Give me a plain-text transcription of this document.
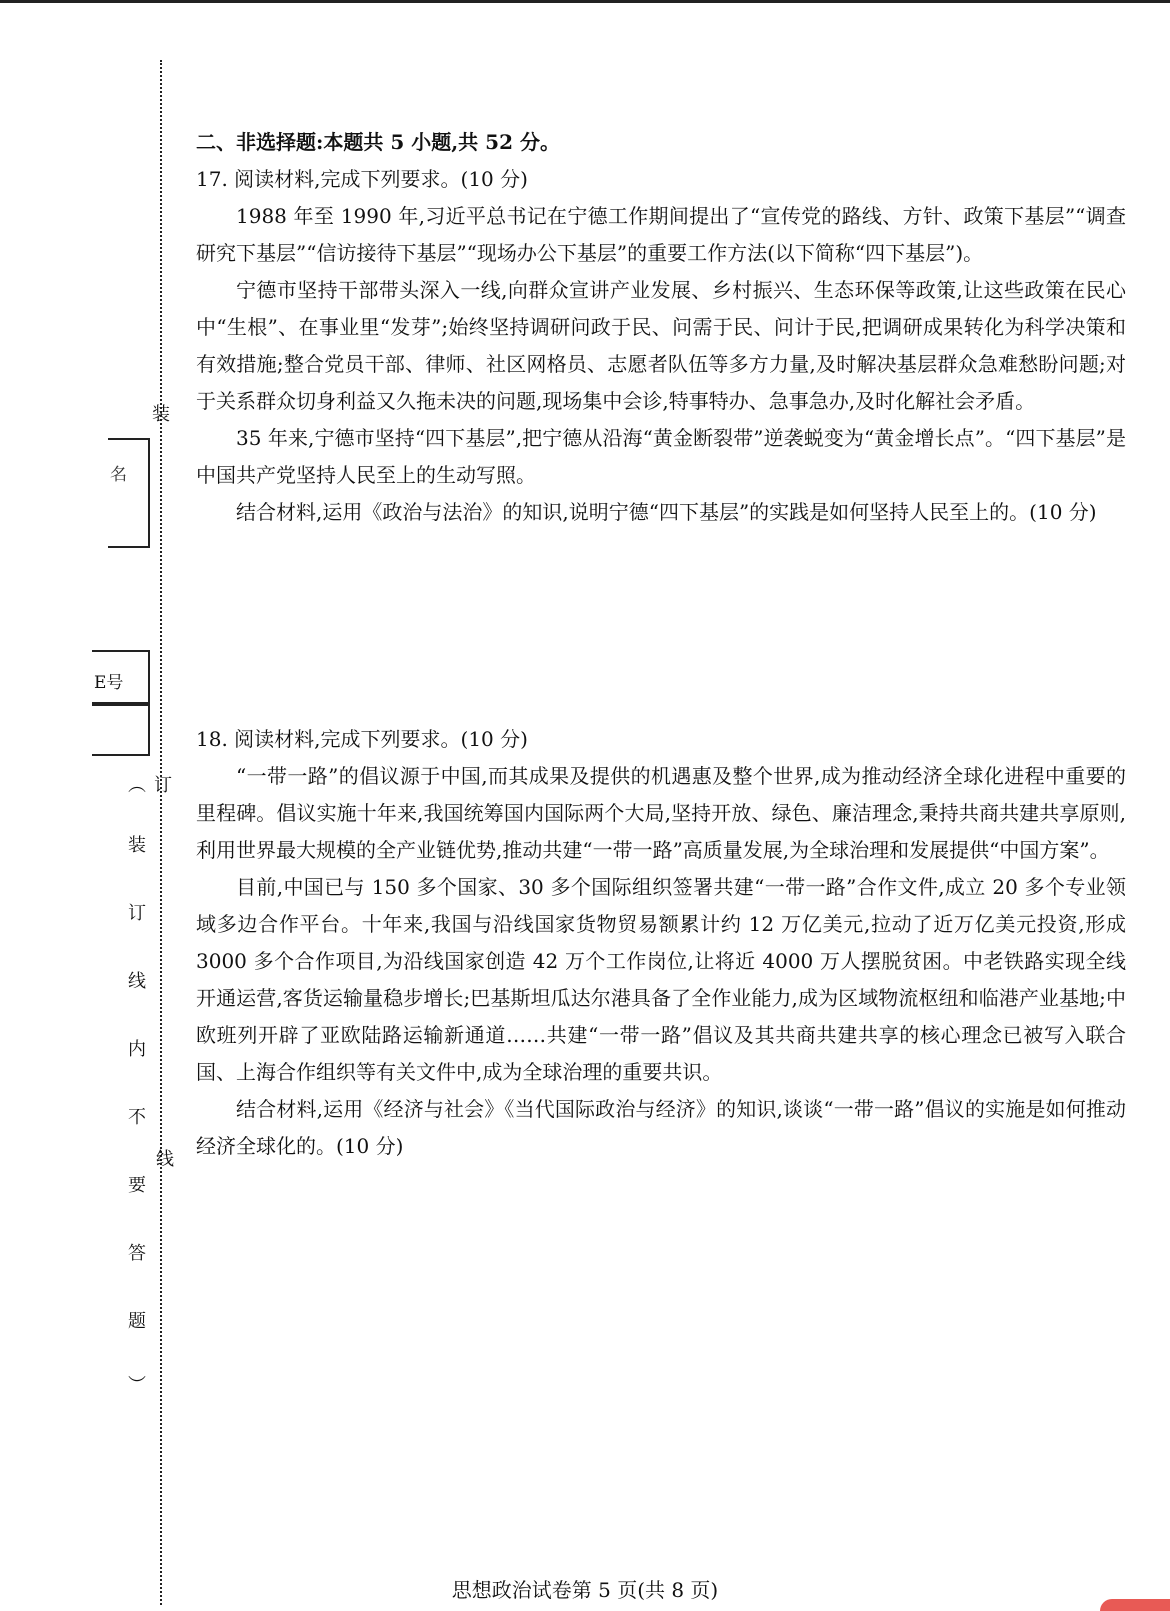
装
名
E号
︵ 订
装
订
线
内
不
要
答
题
线
︶

二、非选择题:本题共 5 小题,共 52 分。

17. 阅读材料,完成下列要求。(10 分)

1988 年至 1990 年,习近平总书记在宁德工作期间提出了“宣传党的路线、方针、政策下基层”“调查研究下基层”“信访接待下基层”“现场办公下基层”的重要工作方法(以下简称“四下基层”)。

宁德市坚持干部带头深入一线,向群众宣讲产业发展、乡村振兴、生态环保等政策,让这些政策在民心中“生根”、在事业里“发芽”;始终坚持调研问政于民、问需于民、问计于民,把调研成果转化为科学决策和有效措施;整合党员干部、律师、社区网格员、志愿者队伍等多方力量,及时解决基层群众急难愁盼问题;对于关系群众切身利益又久拖未决的问题,现场集中会诊,特事特办、急事急办,及时化解社会矛盾。

35 年来,宁德市坚持“四下基层”,把宁德从沿海“黄金断裂带”逆袭蜕变为“黄金增长点”。“四下基层”是中国共产党坚持人民至上的生动写照。

结合材料,运用《政治与法治》的知识,说明宁德“四下基层”的实践是如何坚持人民至上的。(10 分)

18. 阅读材料,完成下列要求。(10 分)

“一带一路”的倡议源于中国,而其成果及提供的机遇惠及整个世界,成为推动经济全球化进程中重要的里程碑。倡议实施十年来,我国统筹国内国际两个大局,坚持开放、绿色、廉洁理念,秉持共商共建共享原则,利用世界最大规模的全产业链优势,推动共建“一带一路”高质量发展,为全球治理和发展提供“中国方案”。

目前,中国已与 150 多个国家、30 多个国际组织签署共建“一带一路”合作文件,成立 20 多个专业领域多边合作平台。十年来,我国与沿线国家货物贸易额累计约 12 万亿美元,拉动了近万亿美元投资,形成 3000 多个合作项目,为沿线国家创造 42 万个工作岗位,让将近 4000 万人摆脱贫困。中老铁路实现全线开通运营,客货运输量稳步增长;巴基斯坦瓜达尔港具备了全作业能力,成为区域物流枢纽和临港产业基地;中欧班列开辟了亚欧陆路运输新通道……共建“一带一路”倡议及其共商共建共享的核心理念已被写入联合国、上海合作组织等有关文件中,成为全球治理的重要共识。

结合材料,运用《经济与社会》《当代国际政治与经济》的知识,谈谈“一带一路”倡议的实施是如何推动经济全球化的。(10 分)

思想政治试卷第 5 页(共 8 页)
